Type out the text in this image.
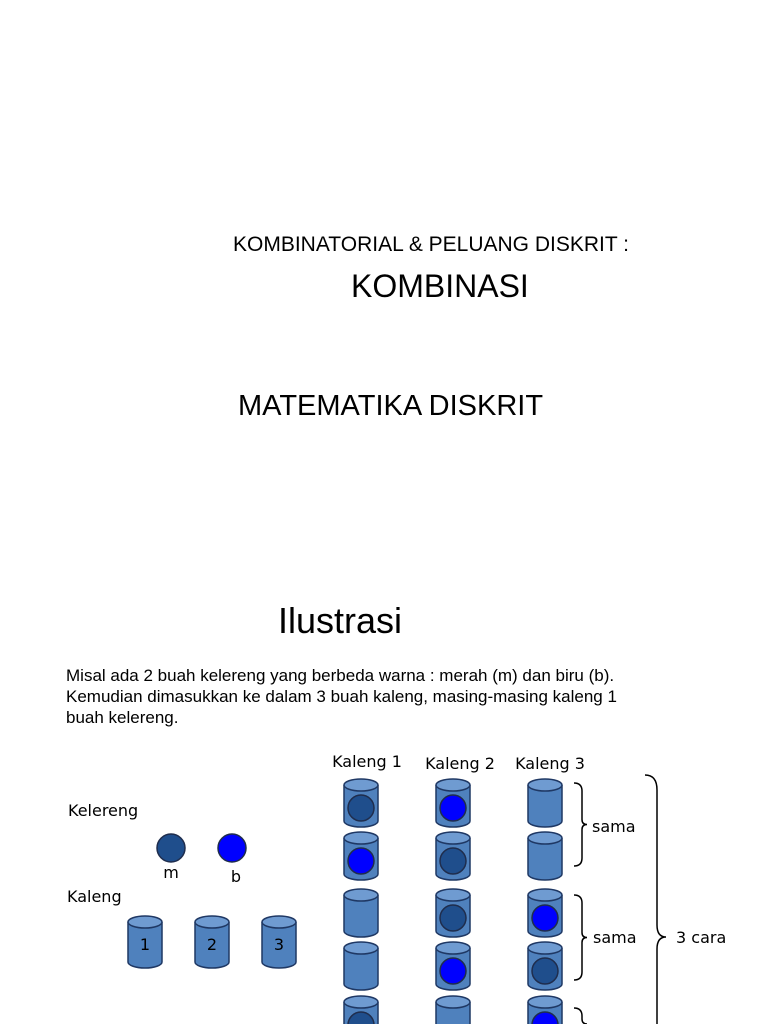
KOMBINATORIAL & PELUANG DISKRIT :
KOMBINASI
MATEMATIKA DISKRIT
Ilustrasi
Misal ada 2 buah kelereng yang berbeda warna : merah (m) dan biru (b).
Kemudian dimasukkan ke dalam 3 buah kaleng, masing-masing kaleng 1
buah kelereng.
Kelereng
m	b
Kaleng
1	2	3
Kaleng 1 Kaleng 2 Kaleng 3
sama
sama 3 cara
